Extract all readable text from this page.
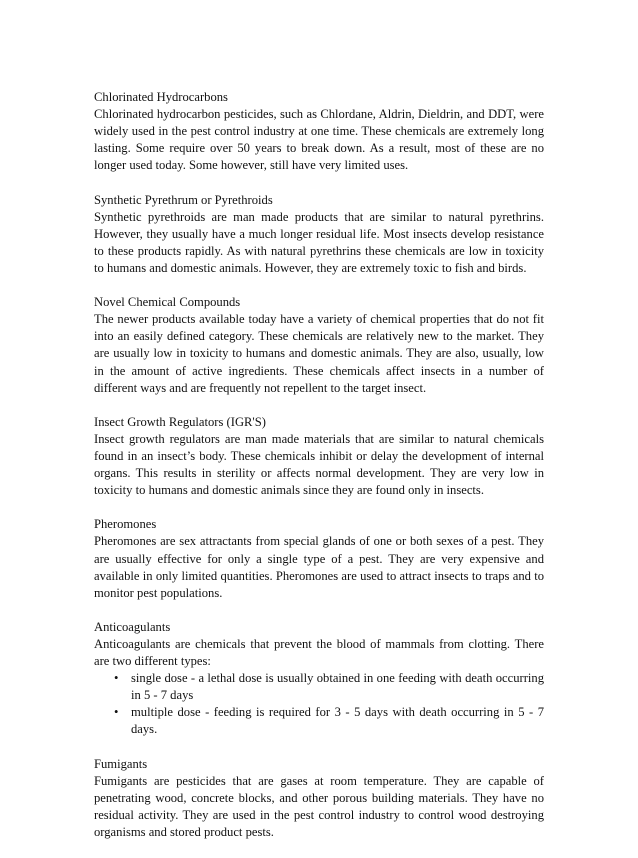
Chlorinated Hydrocarbons

Chlorinated hydrocarbon pesticides, such as Chlordane, Aldrin, Dieldrin, and DDT, were widely used in the pest control industry at one time. These chemicals are extremely long lasting. Some require over 50 years to break down. As a result, most of these are no longer used today. Some however, still have very limited uses.

Synthetic Pyrethrum or Pyrethroids

Synthetic pyrethroids are man made products that are similar to natural pyrethrins. However, they usually have a much longer residual life. Most insects develop resistance to these products rapidly. As with natural pyrethrins these chemicals are low in toxicity to humans and domestic animals. However, they are extremely toxic to fish and birds.

Novel Chemical Compounds

The newer products available today have a variety of chemical properties that do not fit into an easily defined category. These chemicals are relatively new to the market. They are usually low in toxicity to humans and domestic animals. They are also, usually, low in the amount of active ingredients. These chemicals affect insects in a number of different ways and are frequently not repellent to the target insect.

Insect Growth Regulators (IGR'S)

Insect growth regulators are man made materials that are similar to natural chemicals found in an insect’s body. These chemicals inhibit or delay the development of internal organs. This results in sterility or affects normal development. They are very low in toxicity to humans and domestic animals since they are found only in insects.

Pheromones

Pheromones are sex attractants from special glands of one or both sexes of a pest. They are usually effective for only a single type of a pest. They are very expensive and available in only limited quantities. Pheromones are used to attract insects to traps and to monitor pest populations.

Anticoagulants

Anticoagulants are chemicals that prevent the blood of mammals from clotting. There are two different types:

• single dose - a lethal dose is usually obtained in one feeding with death occurring in 5 - 7 days
• multiple dose - feeding is required for 3 - 5 days with death occurring in 5 - 7 days.
Fumigants

Fumigants are pesticides that are gases at room temperature. They are capable of penetrating wood, concrete blocks, and other porous building materials. They have no residual activity. They are used in the pest control industry to control wood destroying organisms and stored product pests.
